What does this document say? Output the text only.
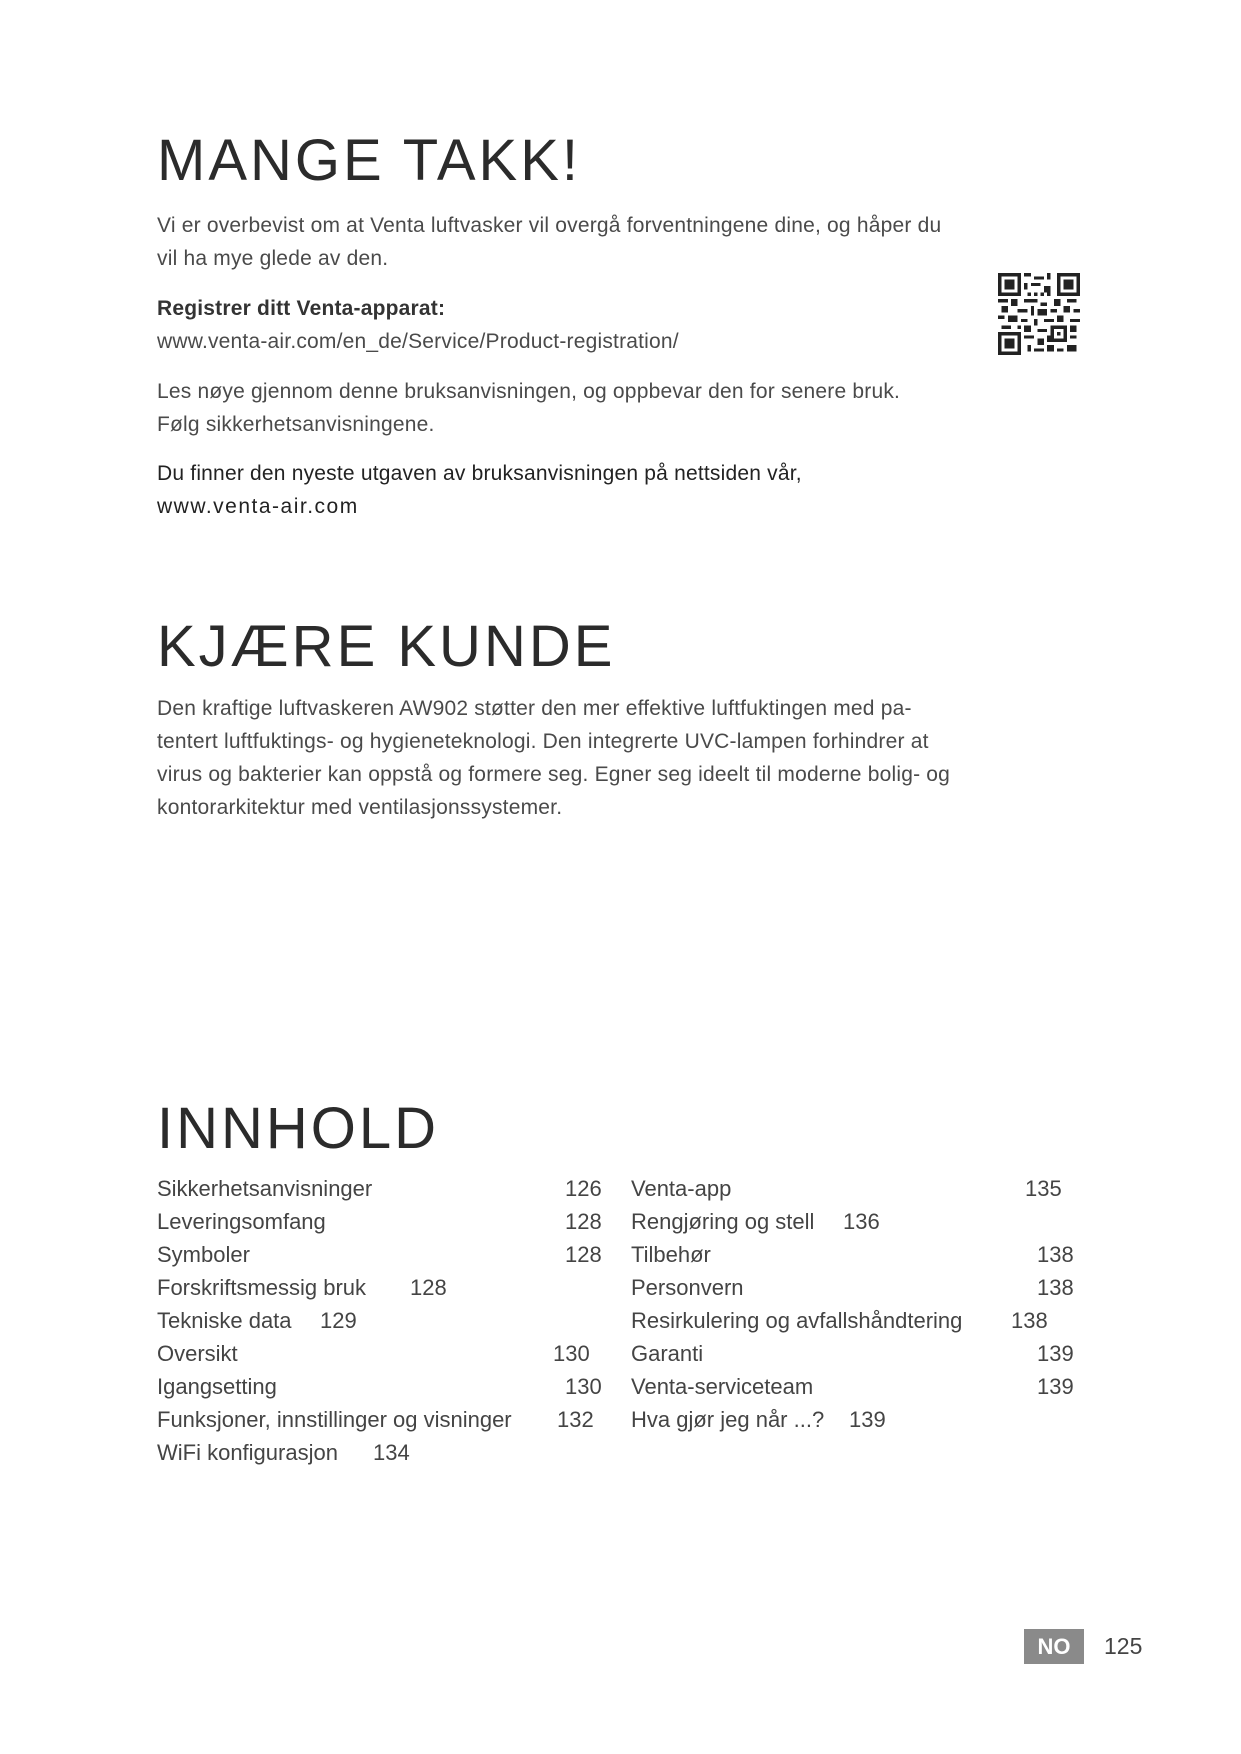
MANGE TAKK!
Vi er overbevist om at Venta luftvasker vil overgå forventningene dine, og håper du
vil ha mye glede av den.
Registrer ditt Venta-apparat:
www.venta-air.com/en_de/Service/Product-registration/
Les nøye gjennom denne bruksanvisningen, og oppbevar den for senere bruk.
Følg sikkerhetsanvisningene.
Du finner den nyeste utgaven av bruksanvisningen på nettsiden vår,
www.venta-air.com
KJÆRE KUNDE
Den kraftige luftvaskeren AW902 støtter den mer effektive luftfuktingen med pa-
tentert luftfuktings- og hygieneteknologi. Den integrerte UVC-lampen forhindrer at
virus og bakterier kan oppstå og formere seg. Egner seg ideelt til moderne bolig- og
kontorarkitektur med ventilasjonssystemer.
INNHOLD
Sikkerhetsanvisninger	126
Leveringsomfang	128
Symboler	128
Forskriftsmessig bruk 128
Tekniske data 129
Oversikt	130
Igangsetting	130
Funksjoner, innstillinger og visninger 132
WiFi konfigurasjon 134
Venta-app	135
Rengjøring og stell 136
Tilbehør	138
Personvern	138
Resirkulering og avfallshåndtering 138
Garanti	139
Venta-serviceteam	139
Hva gjør jeg når ...? 139
NO	125
